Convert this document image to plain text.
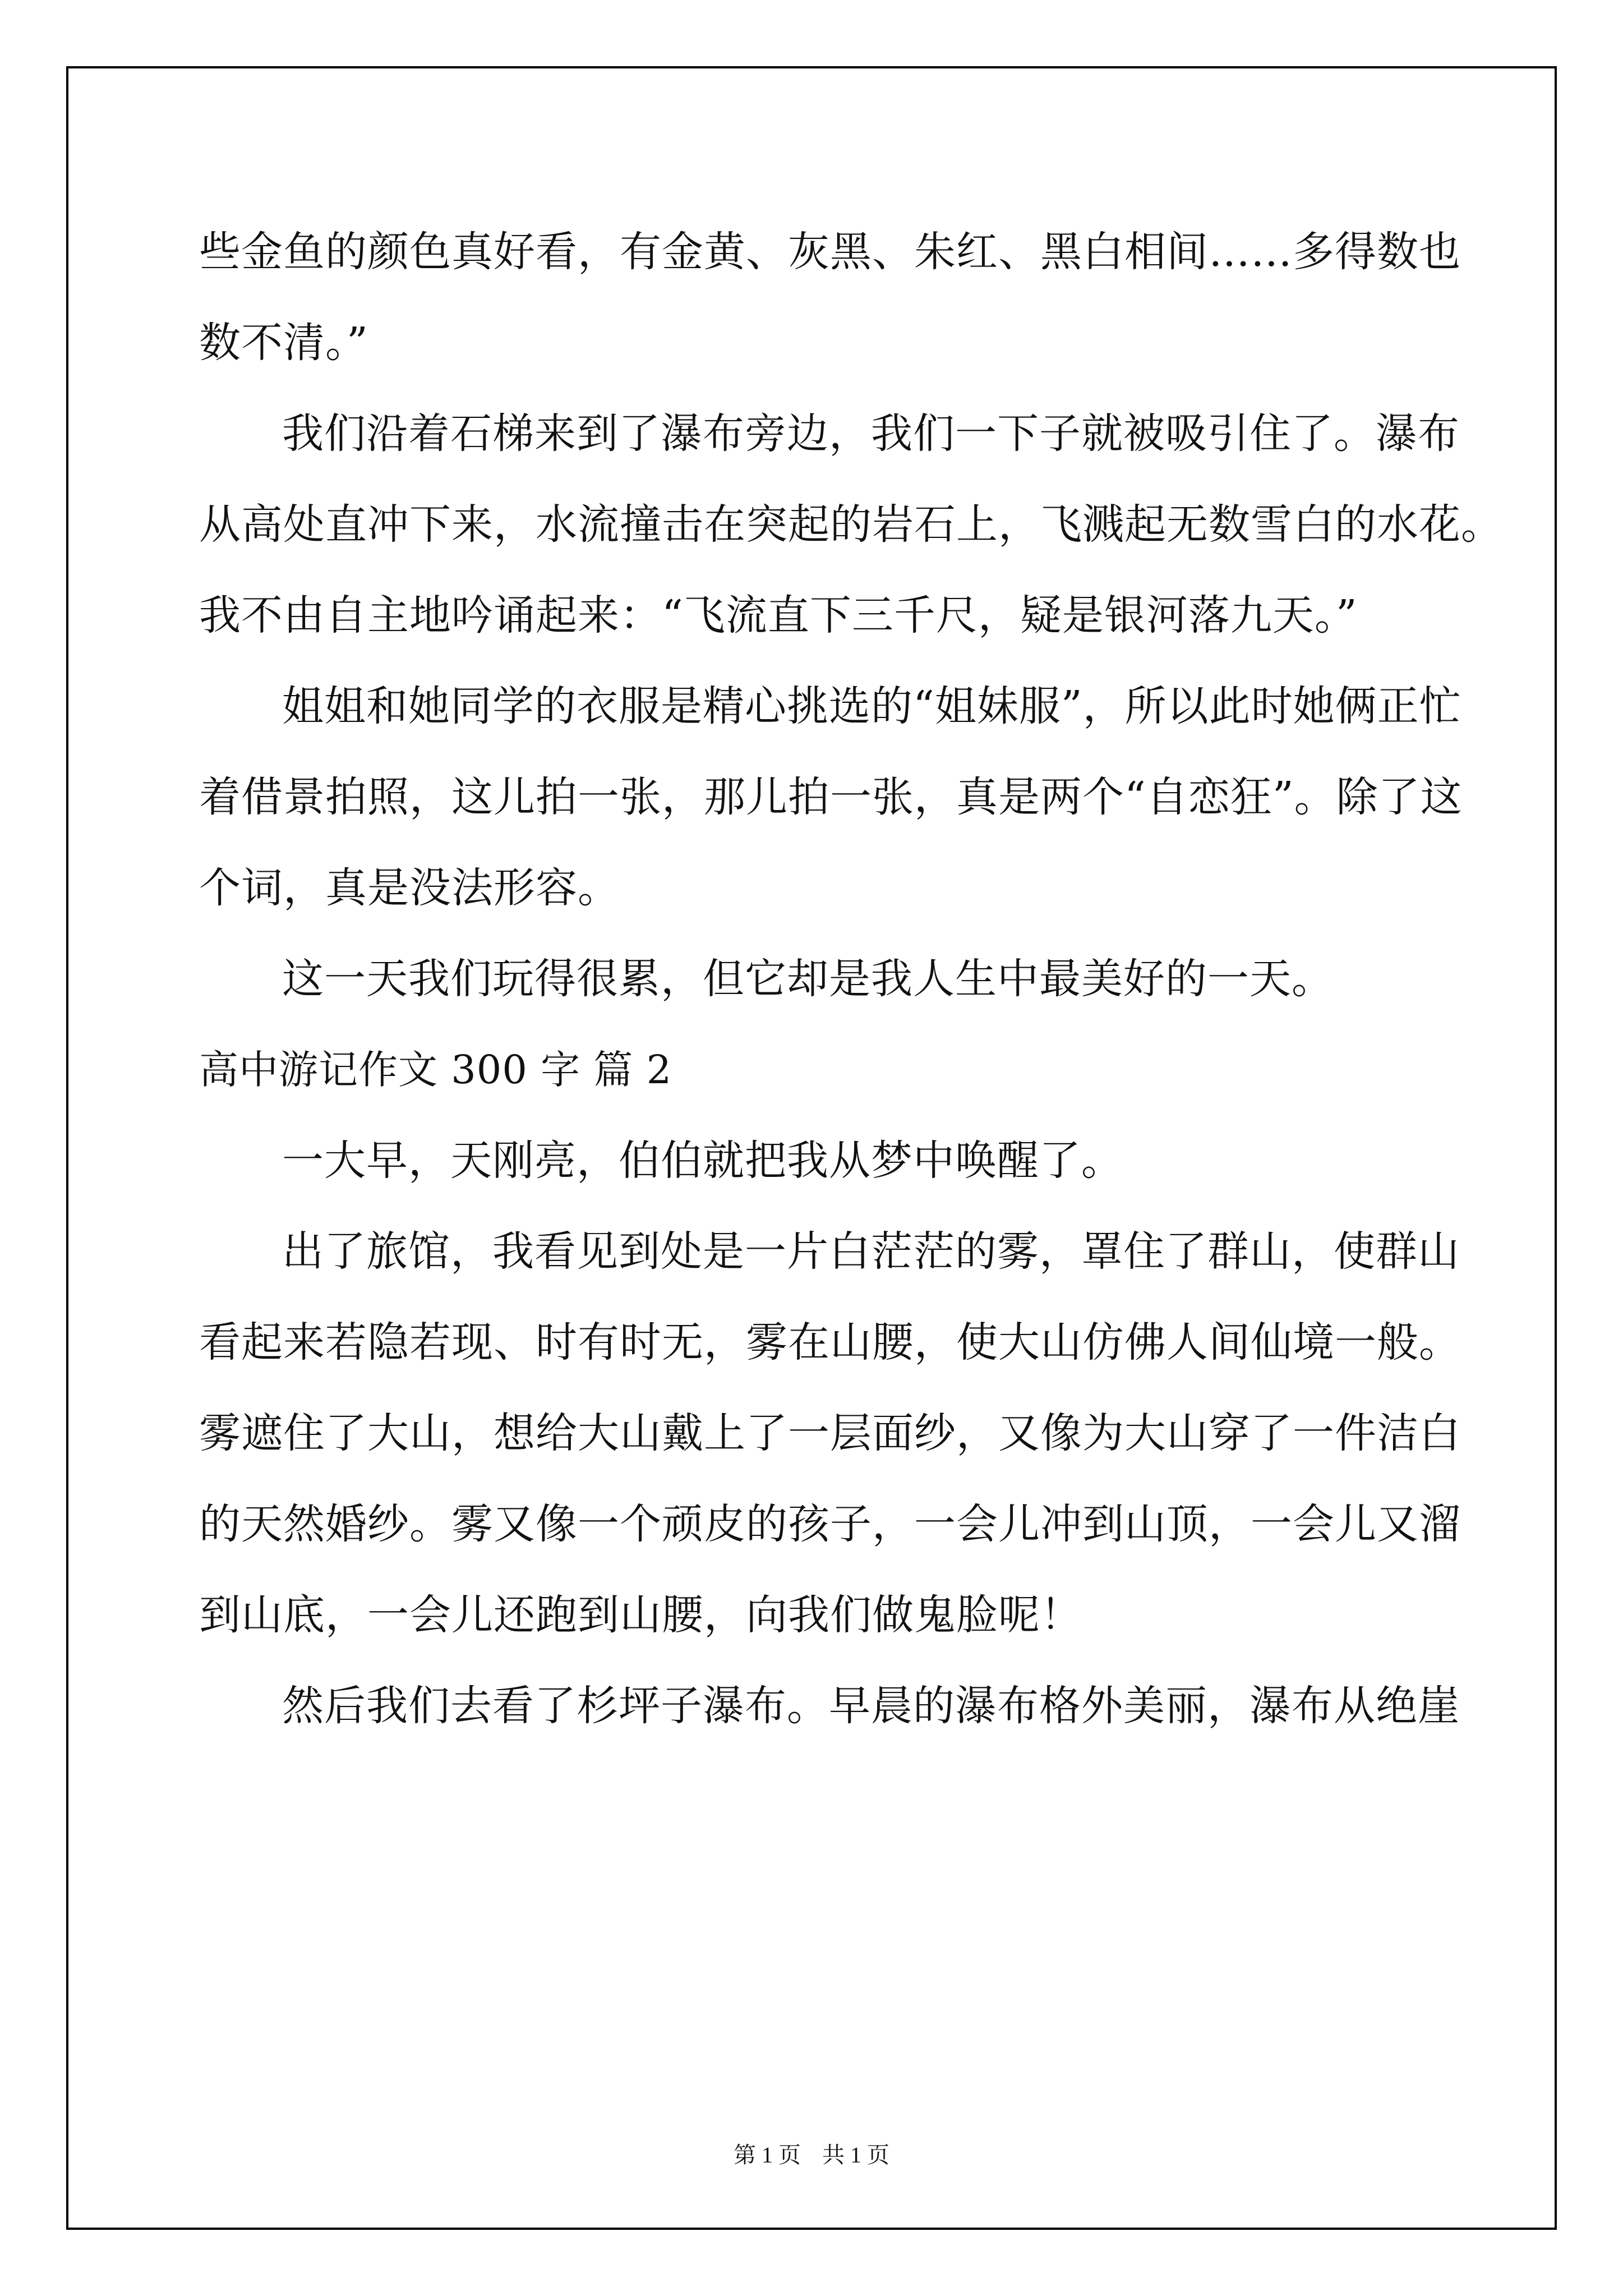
些金鱼的颜色真好看，有金黄、灰黑、朱红、黑白相间……多得数也

数不清。”

我们沿着石梯来到了瀑布旁边，我们一下子就被吸引住了。瀑布

从高处直冲下来，水流撞击在突起的岩石上，飞溅起无数雪白的水花。

我不由自主地吟诵起来：“飞流直下三千尺，疑是银河落九天。”

姐姐和她同学的衣服是精心挑选的“姐妹服”，所以此时她俩正忙

着借景拍照，这儿拍一张，那儿拍一张，真是两个“自恋狂”。除了这

个词，真是没法形容。

这一天我们玩得很累，但它却是我人生中最美好的一天。

高中游记作文 300 字 篇 2

一大早，天刚亮，伯伯就把我从梦中唤醒了。

出了旅馆，我看见到处是一片白茫茫的雾，罩住了群山，使群山

看起来若隐若现、时有时无，雾在山腰，使大山仿佛人间仙境一般。

雾遮住了大山，想给大山戴上了一层面纱，又像为大山穿了一件洁白

的天然婚纱。雾又像一个顽皮的孩子，一会儿冲到山顶，一会儿又溜

到山底，一会儿还跑到山腰，向我们做鬼脸呢！

然后我们去看了杉坪子瀑布。早晨的瀑布格外美丽，瀑布从绝崖

第 1 页 共 1 页
